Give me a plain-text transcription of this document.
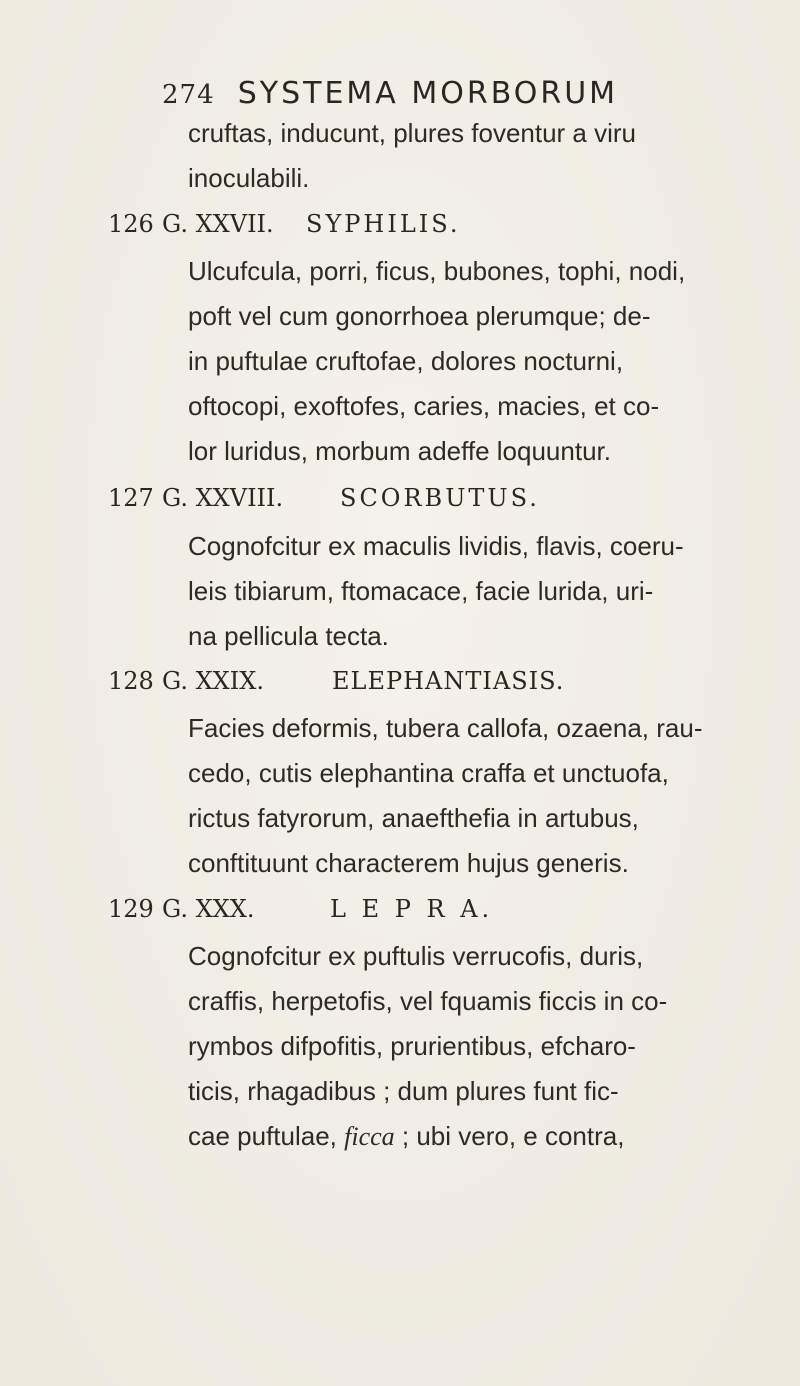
274 SYSTEMA MORBORUM
cruftas, inducunt, plures foventur a viru
inoculabili.
126 G. XXVII. SYPHILIS.
Ulcufcula, porri, ficus, bubones, tophi, nodi,
poft vel cum gonorrhoea plerumque; de-
in puftulae cruftofae, dolores nocturni,
oftocopi, exoftofes, caries, macies, et co-
lor luridus, morbum adeffe loquuntur.
127 G. XXVIII. SCORBUTUS.
Cognofcitur ex maculis lividis, flavis, coeru-
leis tibiarum, ftomacace, facie lurida, uri-
na pellicula tecta.
128 G. XXIX.	ELEPHANTIASIS.
Facies deformis, tubera callofa, ozaena, rau-
cedo, cutis elephantina craffa et unctuofa,
rictus fatyrorum, anaefthefia in artubus,
conftituunt characterem hujus generis.
129 G. XXX.	L E P R A.
Cognofcitur ex puftulis verrucofis, duris,
craffis, herpetofis, vel fquamis ficcis in co-
rymbos difpofitis, prurientibus, efcharo-
ticis, rhagadibus ; dum plures funt fic-
cae puftulae, ficca ; ubi vero, e contra,
